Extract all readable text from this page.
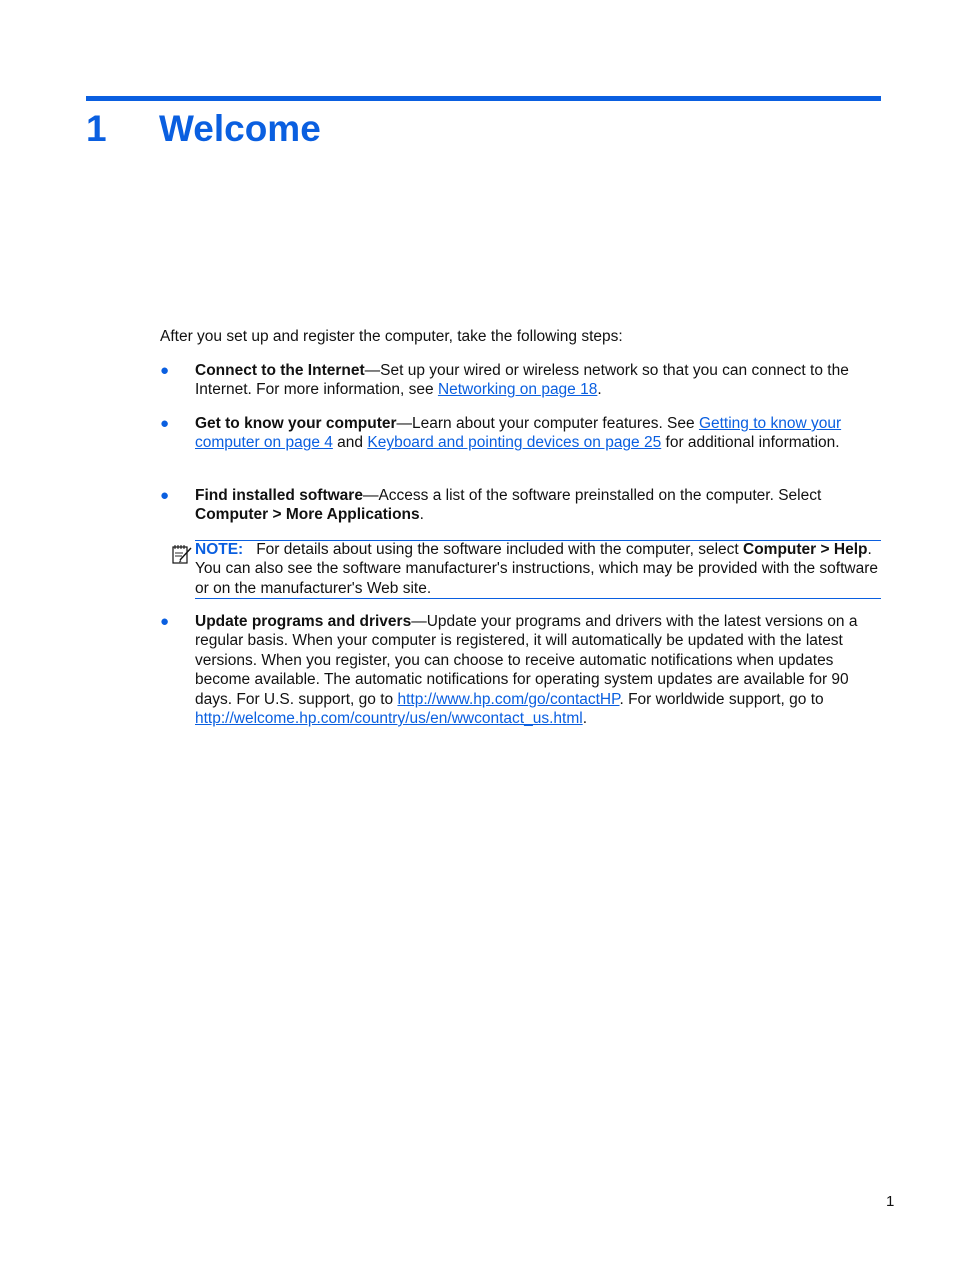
1 Welcome
After you set up and register the computer, take the following steps:
●	Connect to the Internet—Set up your wired or wireless network so that you can connect to the Internet. For more information, see Networking on page 18.
●	Get to know your computer—Learn about your computer features. See Getting to know your computer on page 4 and Keyboard and pointing devices on page 25 for additional information.
●	Find installed software—Access a list of the software preinstalled on the computer. Select Computer > More Applications.
NOTE: For details about using the software included with the computer, select Computer > Help. You can also see the software manufacturer's instructions, which may be provided with the software or on the manufacturer's Web site.
●	Update programs and drivers—Update your programs and drivers with the latest versions on a regular basis. When your computer is registered, it will automatically be updated with the latest versions. When you register, you can choose to receive automatic notifications when updates become available. The automatic notifications for operating system updates are available for 90 days. For U.S. support, go to http://www.hp.com/go/contactHP. For worldwide support, go to http://welcome.hp.com/country/us/en/wwcontact_us.html.
1
